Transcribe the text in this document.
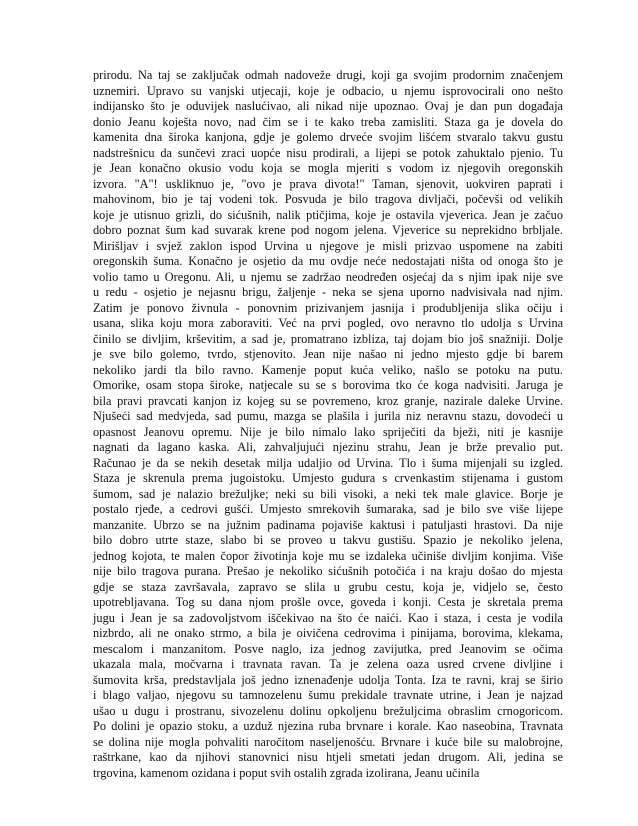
prirodu. Na taj se zaključak odmah nadoveže drugi, koji ga svojim prodornim značenjem
uznemiri. Upravo su vanjski utjecaji, koje je odbacio, u njemu isprovocirali ono nešto
indijansko što je oduvijek naslućivao, ali nikad nije upoznao. Ovaj je dan pun događaja
donio Jeanu koješta novo, nad čim se i te kako treba zamisliti. Staza ga je dovela do
kamenita dna široka kanjona, gdje je golemo drveće svojim lišćem stvaralo takvu gustu
nadstrešnicu da sunčevi zraci uopće nisu prodirali, a lijepi se potok zahuktalo pjenio. Tu
je Jean konačno okusio vodu koja se mogla mjeriti s vodom iz njegovih oregonskih
izvora. "A"! uskliknuo je, "ovo je prava divota!" Taman, sjenovit, uokviren paprati i
mahovinom, bio je taj vodeni tok. Posvuda je bilo tragova divljači, počevši od velikih
koje je utisnuo grizli, do sićušnih, nalik ptičjima, koje je ostavila vjeverica. Jean je začuo
dobro poznat šum kad suvarak krene pod nogom jelena. Vjeverice su neprekidno brbljale.
Mirišljav i svjež zaklon ispod Urvina u njegove je misli prizvao uspomene na zabiti
oregonskih šuma. Konačno je osjetio da mu ovdje neće nedostajati ništa od onoga što je
volio tamo u Oregonu. Ali, u njemu se zadržao neodređen osjećaj da s njim ipak nije sve
u redu - osjetio je nejasnu brigu, žaljenje - neka se sjena uporno nadvisivala nad njim.
Zatim je ponovo živnula - ponovnim prizivanjem jasnija i produbljenija slika očiju i
usana, slika koju mora zaboraviti. Već na prvi pogled, ovo neravno tlo udolja s Urvina
činilo se divljim, krševitim, a sad je, promatrano izbliza, taj dojam bio još snažniji. Dolje
je sve bilo golemo, tvrdo, stjenovito. Jean nije našao ni jedno mjesto gdje bi barem
nekoliko jardi tla bilo ravno. Kamenje poput kuća veliko, našlo se potoku na putu.
Omorike, osam stopa široke, natjecale su se s borovima tko će koga nadvisiti. Jaruga je
bila pravi pravcati kanjon iz kojeg su se povremeno, kroz granje, nazirale daleke Urvine.
Njušeći sad medvjeda, sad pumu, mazga se plašila i jurila niz neravnu stazu, dovodeći u
opasnost Jeanovu opremu. Nije je bilo nimalo lako spriječiti da bježi, niti je kasnije
nagnati da lagano kaska. Ali, zahvaljujući njezinu strahu, Jean je brže prevalio put.
Računao je da se nekih desetak milja udaljio od Urvina. Tlo i šuma mijenjali su izgled.
Staza je skrenula prema jugoistoku. Umjesto gudura s crvenkastim stijenama i gustom
šumom, sad je nalazio brežuljke; neki su bili visoki, a neki tek male glavice. Borje je
postalo rjeđe, a cedrovi gušći. Umjesto smrekovih šumaraka, sad je bilo sve više lijepe
manzanite. Ubrzo se na južnim padinama pojaviše kaktusi i patuljasti hrastovi. Da nije
bilo dobro utrte staze, slabo bi se proveo u takvu gustišu. Spazio je nekoliko jelena,
jednog kojota, te malen čopor životinja koje mu se izdaleka učiniše divljim konjima. Više
nije bilo tragova purana. Prešao je nekoliko sićušnih potočića i na kraju došao do mjesta
gdje se staza završavala, zapravo se slila u grubu cestu, koja je, vidjelo se, često
upotrebljavana. Tog su dana njom prošle ovce, goveda i konji. Cesta je skretala prema
jugu i Jean je sa zadovoljstvom iščekivao na što će naići. Kao i staza, i cesta je vodila
nizbrdo, ali ne onako strmo, a bila je oivičena cedrovima i pinijama, borovima, klekama,
mescalom i manzanitom. Posve naglo, iza jednog zavijutka, pred Jeanovim se očima
ukazala mala, močvarna i travnata ravan. Ta je zelena oaza usred crvene divljine i
šumovita krša, predstavljala još jedno iznenađenje udolja Tonta. Iza te ravni, kraj se širio
i blago valjao, njegovu su tamnozelenu šumu prekidale travnate utrine, i Jean je najzad
ušao u dugu i prostranu, sivozelenu dolinu opkoljenu brežuljcima obraslim crnogoricom.
Po dolini je opazio stoku, a uzduž njezina ruba brvnare i korale. Kao naseobina, Travnata
se dolina nije mogla pohvaliti naročitom naseljenošću. Brvnare i kuće bile su malobrojne,
raštrkane, kao da njihovi stanovnici nisu htjeli smetati jedan drugom. Ali, jedina se
trgovina, kamenom ozidana i poput svih ostalih zgrada izolirana, Jeanu učinila
